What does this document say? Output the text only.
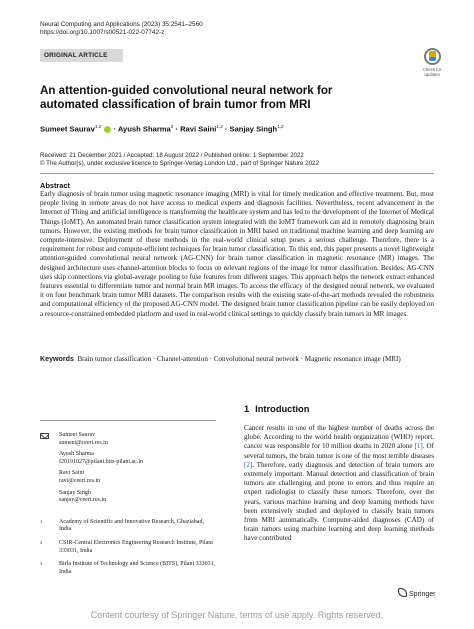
Neural Computing and Applications (2023) 35:2541–2560
https://doi.org/10.1007/s00521-022-07742-z
ORIGINAL ARTICLE
Check for updates
An attention-guided convolutional neural network for automated classification of brain tumor from MRI
Sumeet Saurav$^{1,2}$  · Ayush Sharma$^3$ · Ravi Saini$^{1,2}$ · Sanjay Singh$^{1,2}$
Received: 21 December 2021 / Accepted: 18 August 2022 / Published online: 1 September 2022
© The Author(s), under exclusive licence to Springer-Verlag London Ltd., part of Springer Nature 2022
Abstract
Early diagnosis of brain tumor using magnetic resonance imaging (MRI) is vital for timely medication and effective treatment. But, most people living in remote areas do not have access to medical experts and diagnosis facilities. Nevertheless, recent advancement in the Internet of Thing and artificial intelligence is transforming the healthcare system and has led to the development of the Internet of Medical Things (IoMT). An automated brain tumor classification system integrated with the IoMT framework can aid in remotely diagnosing brain tumors. However, the existing methods for brain tumor classification in MRI based on traditional machine learning and deep learning are compute-intensive. Deployment of these methods in the real-world clinical setup poses a serious challenge. Therefore, there is a requirement for robust and compute-efficient techniques for brain tumor classification. To this end, this paper presents a novel lightweight attention-guided convolutional neural network (AG-CNN) for brain tumor classification in magnetic resonance (MR) images. The designed architecture uses channel-attention blocks to focus on relevant regions of the image for tumor classification. Besides, AG-CNN uses skip connections via global-average pooling to fuse features from different stages. This approach helps the network extract enhanced features essential to differentiate tumor and normal brain MR images. To access the efficacy of the designed neural network, we evaluated it on four benchmark brain tumor MRI datasets. The comparison results with the existing state-of-the-art methods revealed the robustness and computational efficiency of the proposed AG-CNN model. The designed brain tumor classification pipeline can be easily deployed on a resource-constrained embedded platform and used in real-world clinical settings to quickly classify brain tumors in MR images.
Keywords Brain tumor classification · Channel-attention · Convolutional neural network · Magnetic resonance image (MRI)
Sumeet Saurav
sumeet@ceeri.res.in
Ayush Sharma
f20191027@pilani.bits-pilani.ac.in
Ravi Saini
ravi@ceeri.res.in
Sanjay Singh
sanjay@ceeri.res.in
1	Academy of Scientific and Innovative Research, Ghaziabad, India
2	CSIR-Central Electronics Engineering Research Institute, Pilani 333031, India
3	Birla Institute of Technology and Science (BITS), Pilani 333031, India
1 Introduction
Cancer results in one of the highest number of deaths across the globe. According to the world health organization (WHO) report, cancer was responsible for 10 million deaths in 2020 alone [1]. Of several tumors, the brain tumor is one of the most terrible diseases [2]. Therefore, early diagnosis and detection of brain tumors are extremely important. Manual detection and classification of brain tumors are challenging and prone to errors and thus require an expert radiologist to classify these tumors. Therefore, over the years, various machine learning and deep learning methods have been extensively studied and deployed to classify brain tumors from MRI automatically. Computer-aided diagnoses (CAD) of brain tumors using machine learning and deep learning methods have contributed
Springer
Content courtesy of Springer Nature, terms of use apply. Rights reserved.
